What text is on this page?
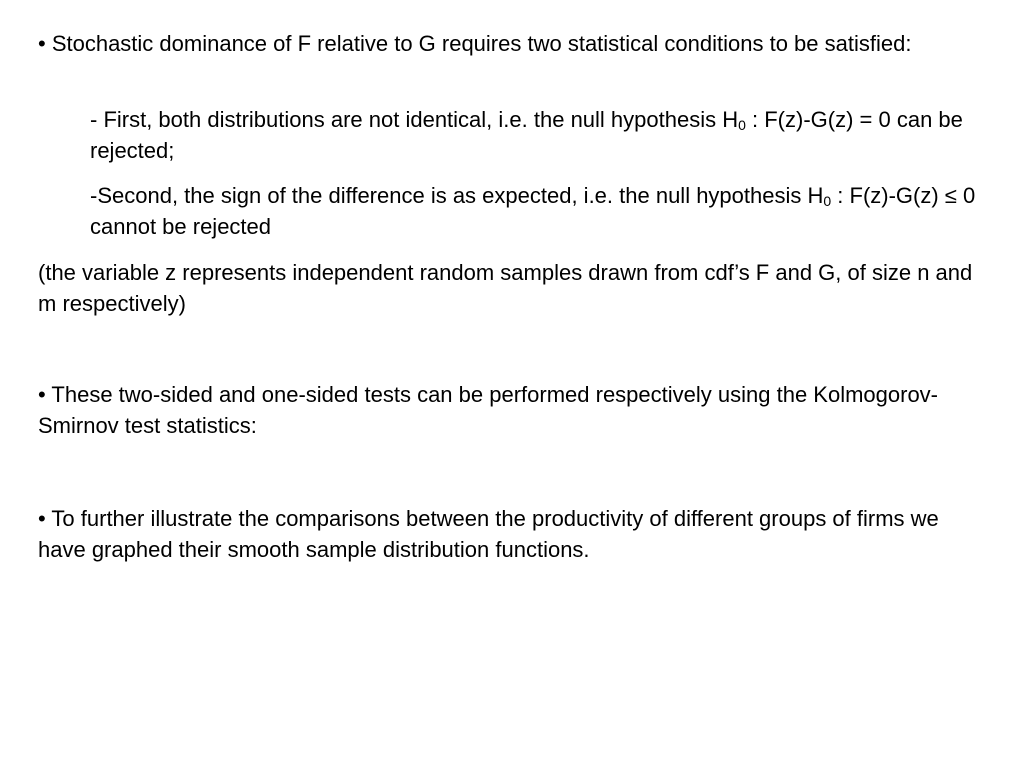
• Stochastic dominance of F relative to G requires two statistical conditions to be satisfied:

- First, both distributions are not identical, i.e. the null hypothesis $H_0$ : F(z)-G(z) = 0 can be rejected;

-Second, the sign of the difference is as expected, i.e. the null hypothesis $H_0$ : F(z)-G(z) ≤ 0 cannot be rejected

(the variable z represents independent random samples drawn from cdf’s F and G, of size n and m respectively)

• These two-sided and one-sided tests can be performed respectively using the Kolmogorov-Smirnov test statistics:

• To further illustrate the comparisons between the productivity of different groups of firms we have graphed their smooth sample distribution functions.
